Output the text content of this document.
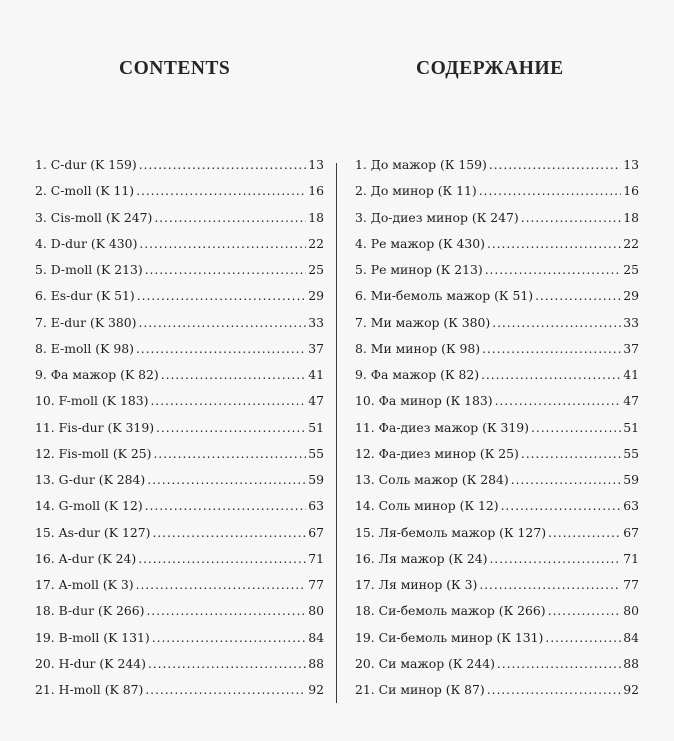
CONTENTS	СОДЕРЖАНИЕ
1. C-dur (K 159) .....	13
2. C-moll (K 11) .....	16
3. Cis-moll (K 247) .....	18
4. D-dur (K 430) .....	22
5. D-moll (K 213) .....	25
6. Es-dur (K 51) .....	29
7. E-dur (K 380) .....	33
8. E-moll (K 98) .....	37
9. Фа мажор (K 82) .....	41
10. F-moll (K 183) .....	47
11. Fis-dur (K 319) .....	51
12. Fis-moll (K 25) .....	55
13. G-dur (K 284) .....	59
14. G-moll (K 12) .....	63
15. As-dur (K 127) .....	67
16. A-dur (K 24) .....	71
17. A-moll (K 3) .....	77
18. B-dur (K 266) .....	80
19. B-moll (K 131) .....	84
20. H-dur (K 244) .....	88
21. H-moll (K 87) .....	92
1. До мажор (К 159) .....	13
2. До минор (К 11) .....	16
3. До-диез минор (К 247) .....	18
4. Ре мажор (К 430) .....	22
5. Ре минор (К 213) .....	25
6. Ми-бемоль мажор (К 51) .....	29
7. Ми мажор (К 380) .....	33
8. Ми минор (К 98) .....	37
9. Фа мажор (К 82) .....	41
10. Фа минор (К 183) .....	47
11. Фа-диез мажор (К 319) .....	51
12. Фа-диез минор (К 25) .....	55
13. Соль мажор (К 284) .....	59
14. Соль минор (К 12) .....	63
15. Ля-бемоль мажор (К 127) .....	67
16. Ля мажор (К 24) .....	71
17. Ля минор (К 3) .....	77
18. Си-бемоль мажор (К 266) .....	80
19. Си-бемоль минор (К 131) .....	84
20. Си мажор (К 244) .....	88
21. Си минор (К 87) .....	92
